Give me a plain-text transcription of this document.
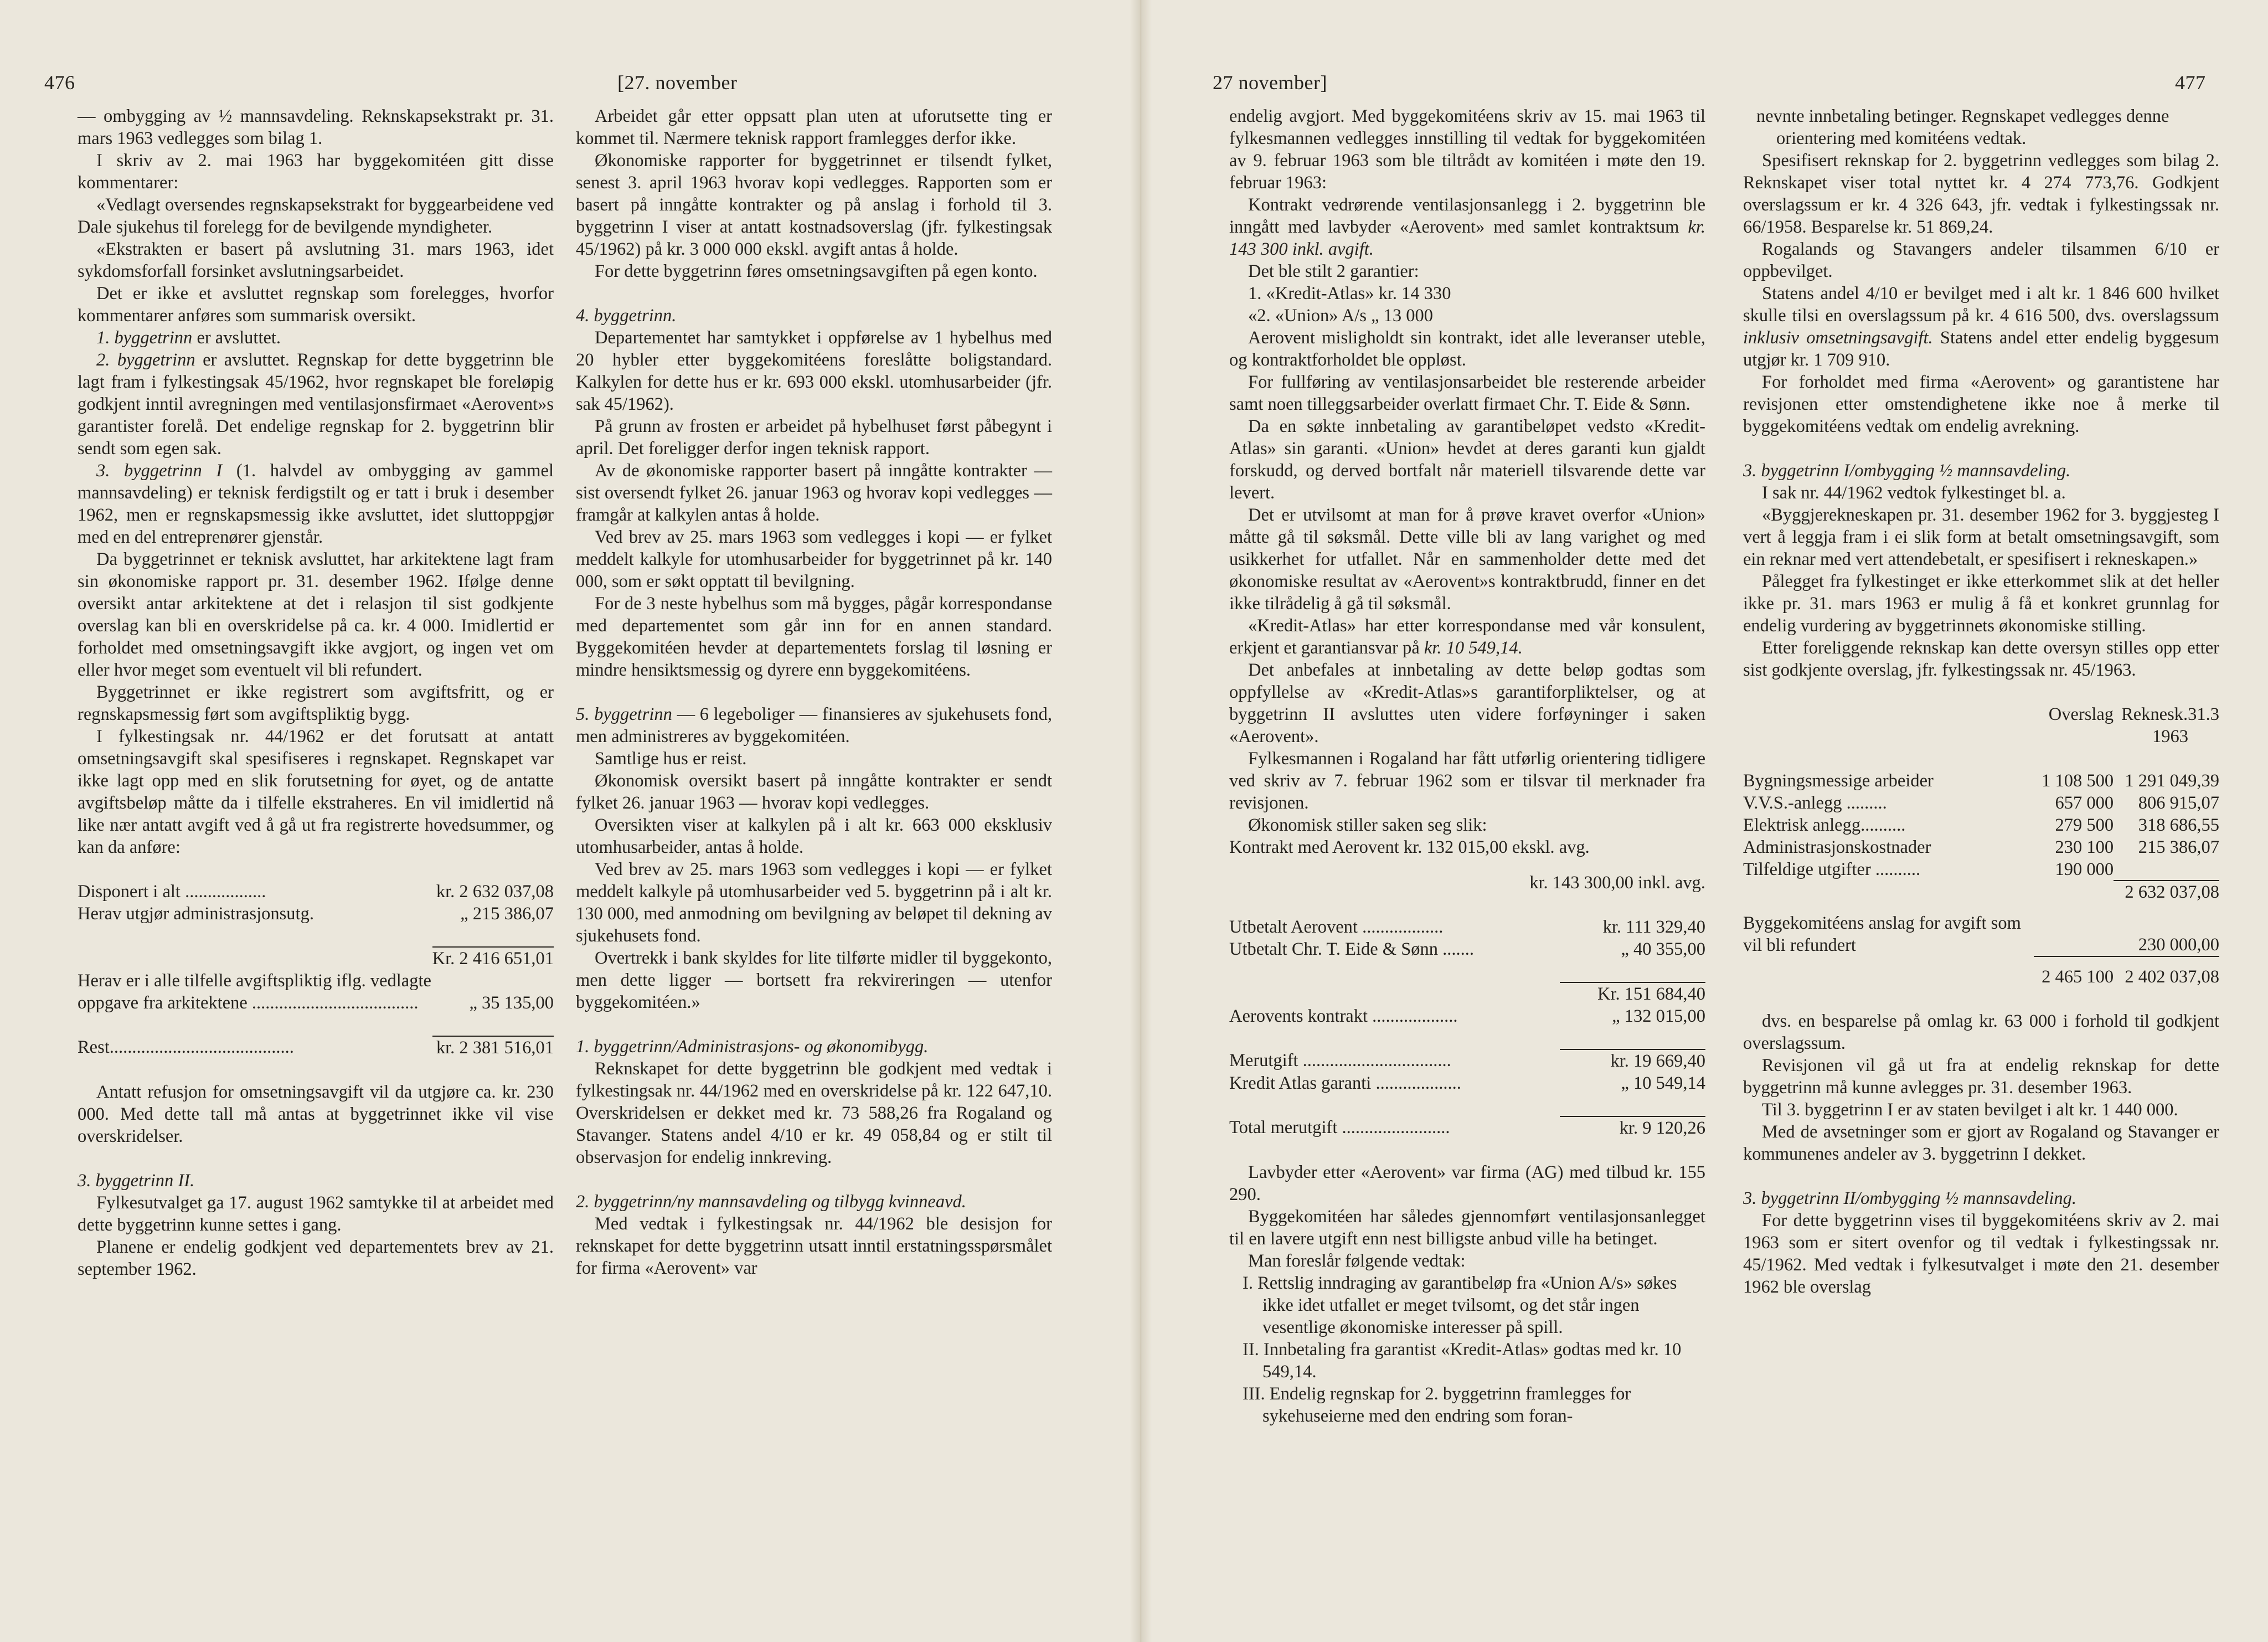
476	[27. november

— ombygging av ½ mannsavdeling. Reknskapsekstrakt pr. 31. mars 1963 vedlegges som bilag 1.

I skriv av 2. mai 1963 har byggekomitéen gitt disse kommentarer:

«Vedlagt oversendes regnskapsekstrakt for byggearbeidene ved Dale sjukehus til forelegg for de bevilgende myndigheter.

«Ekstrakten er basert på avslutning 31. mars 1963, idet sykdomsforfall forsinket avslutningsarbeidet.

Det er ikke et avsluttet regnskap som forelegges, hvorfor kommentarer anføres som summarisk oversikt.

1. byggetrinn er avsluttet.

2. byggetrinn er avsluttet. Regnskap for dette byggetrinn ble lagt fram i fylkestingsak 45/1962, hvor regnskapet ble foreløpig godkjent inntil avregningen med ventilasjonsfirmaet «Aerovent»s garantister forelå. Det endelige regnskap for 2. byggetrinn blir sendt som egen sak.

3. byggetrinn I (1. halvdel av ombygging av gammel mannsavdeling) er teknisk ferdigstilt og er tatt i bruk i desember 1962, men er regnskapsmessig ikke avsluttet, idet sluttoppgjør med en del entreprenører gjenstår.

Da byggetrinnet er teknisk avsluttet, har arkitektene lagt fram sin økonomiske rapport pr. 31. desember 1962. Ifølge denne oversikt antar arkitektene at det i relasjon til sist godkjente overslag kan bli en overskridelse på ca. kr. 4 000. Imidlertid er forholdet med omsetningsavgift ikke avgjort, og ingen vet om eller hvor meget som eventuelt vil bli refundert.

Byggetrinnet er ikke registrert som avgiftsfritt, og er regnskapsmessig ført som avgiftspliktig bygg.

I fylkestingsak nr. 44/1962 er det forutsatt at antatt omsetningsavgift skal spesifiseres i regnskapet. Regnskapet var ikke lagt opp med en slik forutsetning for øyet, og de antatte avgiftsbeløp måtte da i tilfelle ekstraheres. En vil imidlertid nå like nær antatt avgift ved å gå ut fra registrerte hovedsummer, og kan da anføre:

Disponert i alt ..................	kr. 2 632 037,08
Herav utgjør administrasjonsutg.	„ 215 386,07

	Kr. 2 416 651,01
Herav er i alle tilfelle avgiftspliktig iflg. vedlagte oppgave fra arkitektene .....................................	„ 35 135,00

Rest.........................................	kr. 2 381 516,01

Antatt refusjon for omsetningsavgift vil da utgjøre ca. kr. 230 000. Med dette tall må antas at byggetrinnet ikke vil vise overskridelser.

3. byggetrinn II.

Fylkesutvalget ga 17. august 1962 samtykke til at arbeidet med dette byggetrinn kunne settes i gang.

Planene er endelig godkjent ved departementets brev av 21. september 1962.

Arbeidet går etter oppsatt plan uten at uforutsette ting er kommet til. Nærmere teknisk rapport framlegges derfor ikke.

Økonomiske rapporter for byggetrinnet er tilsendt fylket, senest 3. april 1963 hvorav kopi vedlegges. Rapporten som er basert på inngåtte kontrakter og på anslag i forhold til 3. byggetrinn I viser at antatt kostnadsoverslag (jfr. fylkestingsak 45/1962) på kr. 3 000 000 ekskl. avgift antas å holde.

For dette byggetrinn føres omsetningsavgiften på egen konto.

4. byggetrinn.

Departementet har samtykket i oppførelse av 1 hybelhus med 20 hybler etter byggekomitéens foreslåtte boligstandard. Kalkylen for dette hus er kr. 693 000 ekskl. utomhusarbeider (jfr. sak 45/1962).

På grunn av frosten er arbeidet på hybelhuset først påbegynt i april. Det foreligger derfor ingen teknisk rapport.

Av de økonomiske rapporter basert på inngåtte kontrakter — sist oversendt fylket 26. januar 1963 og hvorav kopi vedlegges — framgår at kalkylen antas å holde.

Ved brev av 25. mars 1963 som vedlegges i kopi — er fylket meddelt kalkyle for utomhusarbeider for byggetrinnet på kr. 140 000, som er søkt opptatt til bevilgning.

For de 3 neste hybelhus som må bygges, pågår korrespondanse med departementet som går inn for en annen standard. Byggekomitéen hevder at departementets forslag til løsning er mindre hensiktsmessig og dyrere enn byggekomitéens.

5. byggetrinn — 6 legeboliger — finansieres av sjukehusets fond, men administreres av byggekomitéen.

Samtlige hus er reist.

Økonomisk oversikt basert på inngåtte kontrakter er sendt fylket 26. januar 1963 — hvorav kopi vedlegges.

Oversikten viser at kalkylen på i alt kr. 663 000 eksklusiv utomhusarbeider, antas å holde.

Ved brev av 25. mars 1963 som vedlegges i kopi — er fylket meddelt kalkyle på utomhusarbeider ved 5. byggetrinn på i alt kr. 130 000, med anmodning om bevilgning av beløpet til dekning av sjukehusets fond.

Overtrekk i bank skyldes for lite tilførte midler til byggekonto, men dette ligger — bortsett fra rekvireringen — utenfor byggekomitéen.»

1. byggetrinn/Administrasjons- og økonomibygg.

Reknskapet for dette byggetrinn ble godkjent med vedtak i fylkestingsak nr. 44/1962 med en overskridelse på kr. 122 647,10. Overskridelsen er dekket med kr. 73 588,26 fra Rogaland og Stavanger. Statens andel 4/10 er kr. 49 058,84 og er stilt til observasjon for endelig innkreving.

2. byggetrinn/ny mannsavdeling og tilbygg kvinneavd.

Med vedtak i fylkestingsak nr. 44/1962 ble desisjon for reknskapet for dette byggetrinn utsatt inntil erstatningsspørsmålet for firma «Aerovent» var

27 november]	477

endelig avgjort. Med byggekomitéens skriv av 15. mai 1963 til fylkesmannen vedlegges innstilling til vedtak for byggekomitéen av 9. februar 1963 som ble tiltrådt av komitéen i møte den 19. februar 1963:

Kontrakt vedrørende ventilasjonsanlegg i 2. byggetrinn ble inngått med lavbyder «Aerovent» med samlet kontraktsum kr. 143 300 inkl. avgift.

Det ble stilt 2 garantier:

1. «Kredit-Atlas» kr. 14 330

«2. «Union» A/s „ 13 000

Aerovent misligholdt sin kontrakt, idet alle leveranser uteble, og kontraktforholdet ble oppløst.

For fullføring av ventilasjonsarbeidet ble resterende arbeider samt noen tilleggsarbeider overlatt firmaet Chr. T. Eide & Sønn.

Da en søkte innbetaling av garantibeløpet vedsto «Kredit-Atlas» sin garanti. «Union» hevdet at deres garanti kun gjaldt forskudd, og derved bortfalt når materiell tilsvarende dette var levert.

Det er utvilsomt at man for å prøve kravet overfor «Union» måtte gå til søksmål. Dette ville bli av lang varighet og med usikkerhet for utfallet. Når en sammenholder dette med det økonomiske resultat av «Aerovent»s kontraktbrudd, finner en det ikke tilrådelig å gå til søksmål.

«Kredit-Atlas» har etter korrespondanse med vår konsulent, erkjent et garantiansvar på kr. 10 549,14.

Det anbefales at innbetaling av dette beløp godtas som oppfyllelse av «Kredit-Atlas»s garantiforpliktelser, og at byggetrinn II avsluttes uten videre forføyninger i saken «Aerovent».

Fylkesmannen i Rogaland har fått utførlig orientering tidligere ved skriv av 7. februar 1962 som er tilsvar til merknader fra revisjonen.

Økonomisk stiller saken seg slik:

Kontrakt med Aerovent kr. 132 015,00 ekskl. avg.

kr. 143 300,00 inkl. avg.

Utbetalt Aerovent ..................	kr. 111 329,40
Utbetalt Chr. T. Eide & Sønn .......	„ 40 355,00

	Kr. 151 684,40
Aerovents kontrakt ...................	„ 132 015,00

Merutgift .................................	kr. 19 669,40
Kredit Atlas garanti ...................	„ 10 549,14

Total merutgift ........................	kr. 9 120,26

Lavbyder etter «Aerovent» var firma (AG) med tilbud kr. 155 290.

Byggekomitéen har således gjennomført ventilasjonsanlegget til en lavere utgift enn nest billigste anbud ville ha betinget.

Man foreslår følgende vedtak:

I. Rettslig inndraging av garantibeløp fra «Union A/s» søkes ikke idet utfallet er meget tvilsomt, og det står ingen vesentlige økonomiske interesser på spill.

II. Innbetaling fra garantist «Kredit-Atlas» godtas med kr. 10 549,14.

III. Endelig regnskap for 2. byggetrinn framlegges for sykehuseierne med den endring som foran-

nevnte innbetaling betinger. Regnskapet vedlegges denne orientering med komitéens vedtak.

Spesifisert reknskap for 2. byggetrinn vedlegges som bilag 2. Reknskapet viser total nyttet kr. 4 274 773,76. Godkjent overslagssum er kr. 4 326 643, jfr. vedtak i fylkestingssak nr. 66/1958. Besparelse kr. 51 869,24.

Rogalands og Stavangers andeler tilsammen 6/10 er oppbevilget.

Statens andel 4/10 er bevilget med i alt kr. 1 846 600 hvilket skulle tilsi en overslagssum på kr. 4 616 500, dvs. overslagssum inklusiv omsetningsavgift. Statens andel etter endelig byggesum utgjør kr. 1 709 910.

For forholdet med firma «Aerovent» og garantistene har revisjonen etter omstendighetene ikke noe å merke til byggekomitéens vedtak om endelig avrekning.

3. byggetrinn I/ombygging ½ mannsavdeling.

I sak nr. 44/1962 vedtok fylkestinget bl. a.

«Byggjerekneskapen pr. 31. desember 1962 for 3. byggjesteg I vert å leggja fram i ei slik form at betalt omsetningsavgift, som ein reknar med vert attendebetalt, er spesifisert i rekneskapen.»

Pålegget fra fylkestinget er ikke etterkommet slik at det heller ikke pr. 31. mars 1963 er mulig å få et konkret grunnlag for endelig vurdering av byggetrinnets økonomiske stilling.

Etter foreliggende reknskap kan dette oversyn stilles opp etter sist godkjente overslag, jfr. fylkestingssak nr. 45/1963.

	Overslag	Reknesk.31.3
		1963

Bygningsmessige arbeider	1 108 500	1 291 049,39
V.V.S.-anlegg .........	657 000	806 915,07
Elektrisk anlegg..........	279 500	318 686,55
Administrasjonskostnader	230 100	215 386,07
Tilfeldige utgifter ..........	190 000	
		2 632 037,08
Byggekomitéens anslag for avgift som vil bli refundert		230 000,00
	2 465 100	2 402 037,08

dvs. en besparelse på omlag kr. 63 000 i forhold til godkjent overslagssum.

Revisjonen vil gå ut fra at endelig reknskap for dette byggetrinn må kunne avlegges pr. 31. desember 1963.

Til 3. byggetrinn I er av staten bevilget i alt kr. 1 440 000.

Med de avsetninger som er gjort av Rogaland og Stavanger er kommunenes andeler av 3. byggetrinn I dekket.

3. byggetrinn II/ombygging ½ mannsavdeling.

For dette byggetrinn vises til byggekomitéens skriv av 2. mai 1963 som er sitert ovenfor og til vedtak i fylkestingssak nr. 45/1962. Med vedtak i fylkesutvalget i møte den 21. desember 1962 ble overslag
